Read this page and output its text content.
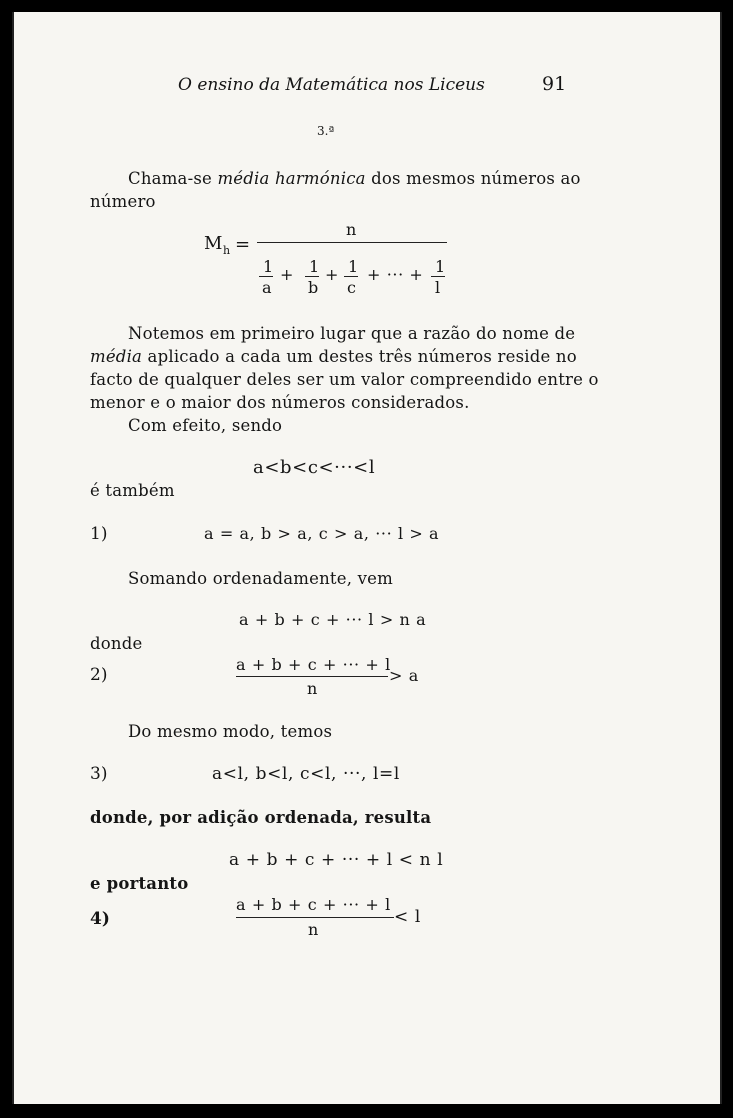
O ensino da Matemática nos Liceus	91
3.ª
Chama-se média harmónica dos mesmos números ao
número
M h =
n
1
a
+ 1
b
+ 1
c
+ ··· + 1
l
Notemos em primeiro lugar que a razão do nome de
média aplicado a cada um destes três números reside no
facto de qualquer deles ser um valor compreendido entre o
menor e o maior dos números considerados.
Com efeito, sendo
a<b<c<···<l
é também
1)	a = a, b > a, c > a, ··· l > a
Somando ordenadamente, vem
a + b + c + ··· l > n a
donde
2)
a + b + c + ··· + l
n
> a
Do mesmo modo, temos
3)	a<l, b<l, c<l, ···, l=l
donde, por adição ordenada, resulta
a + b + c + ··· + l < n l
e portanto
4)
a + b + c + ··· + l
n
< l
